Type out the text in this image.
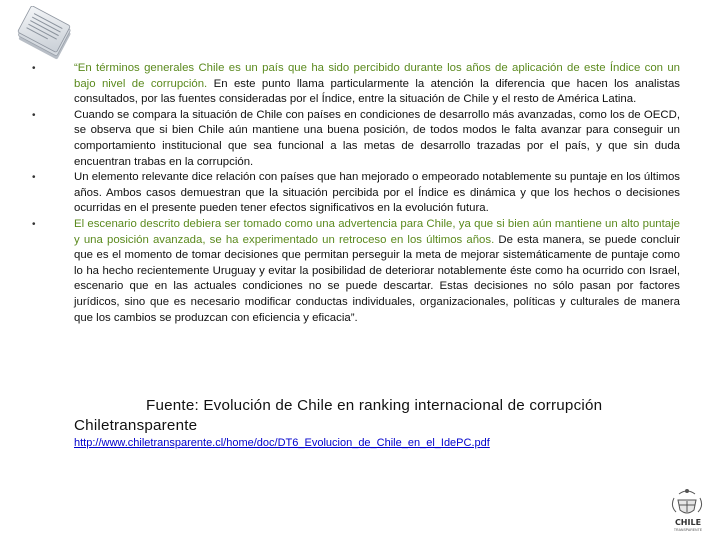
•	“En términos generales Chile es un país que ha sido percibido durante los años de aplicación de este Índice con un bajo nivel de corrupción. En este punto llama particularmente la atención la diferencia que hacen los analistas consultados, por las fuentes consideradas por el Índice, entre la situación de Chile y el resto de América Latina.
•	Cuando se compara la situación de Chile con países en condiciones de desarrollo más avanzadas, como los de OECD, se observa que si bien Chile aún mantiene una buena posición, de todos modos le falta avanzar para conseguir un comportamiento institucional que sea funcional a las metas de desarrollo trazadas por el país, y que sin duda encuentran trabas en la corrupción.
•	Un elemento relevante dice relación con países que han mejorado o empeorado notablemente su puntaje en los últimos años. Ambos casos demuestran que la situación percibida por el Índice es dinámica y que los hechos o decisiones ocurridas en el presente pueden tener efectos significativos en la evolución futura.
•	El escenario descrito debiera ser tomado como una advertencia para Chile, ya que si bien aún mantiene un alto puntaje y una posición avanzada, se ha experimentado un retroceso en los últimos años. De esta manera, se puede concluir que es el momento de tomar decisiones que permitan perseguir la meta de mejorar sistemáticamente de puntaje como lo ha hecho recientemente Uruguay y evitar la posibilidad de deteriorar notablemente éste como ha ocurrido con Israel, escenario que en las actuales condiciones no se puede descartar. Estas decisiones no sólo pasan por factores jurídicos, sino que es necesario modificar conductas individuales, organizacionales, políticas y culturales de manera que los cambios se produzcan con eficiencia y eficacia”.

Fuente: Evolución de Chile en ranking internacional de corrupción Chiletransparente

http://www.chiletransparente.cl/home/doc/DT6_Evolucion_de_Chile_en_el_IdePC.pdf
CHILE
TRANSPARENTE
